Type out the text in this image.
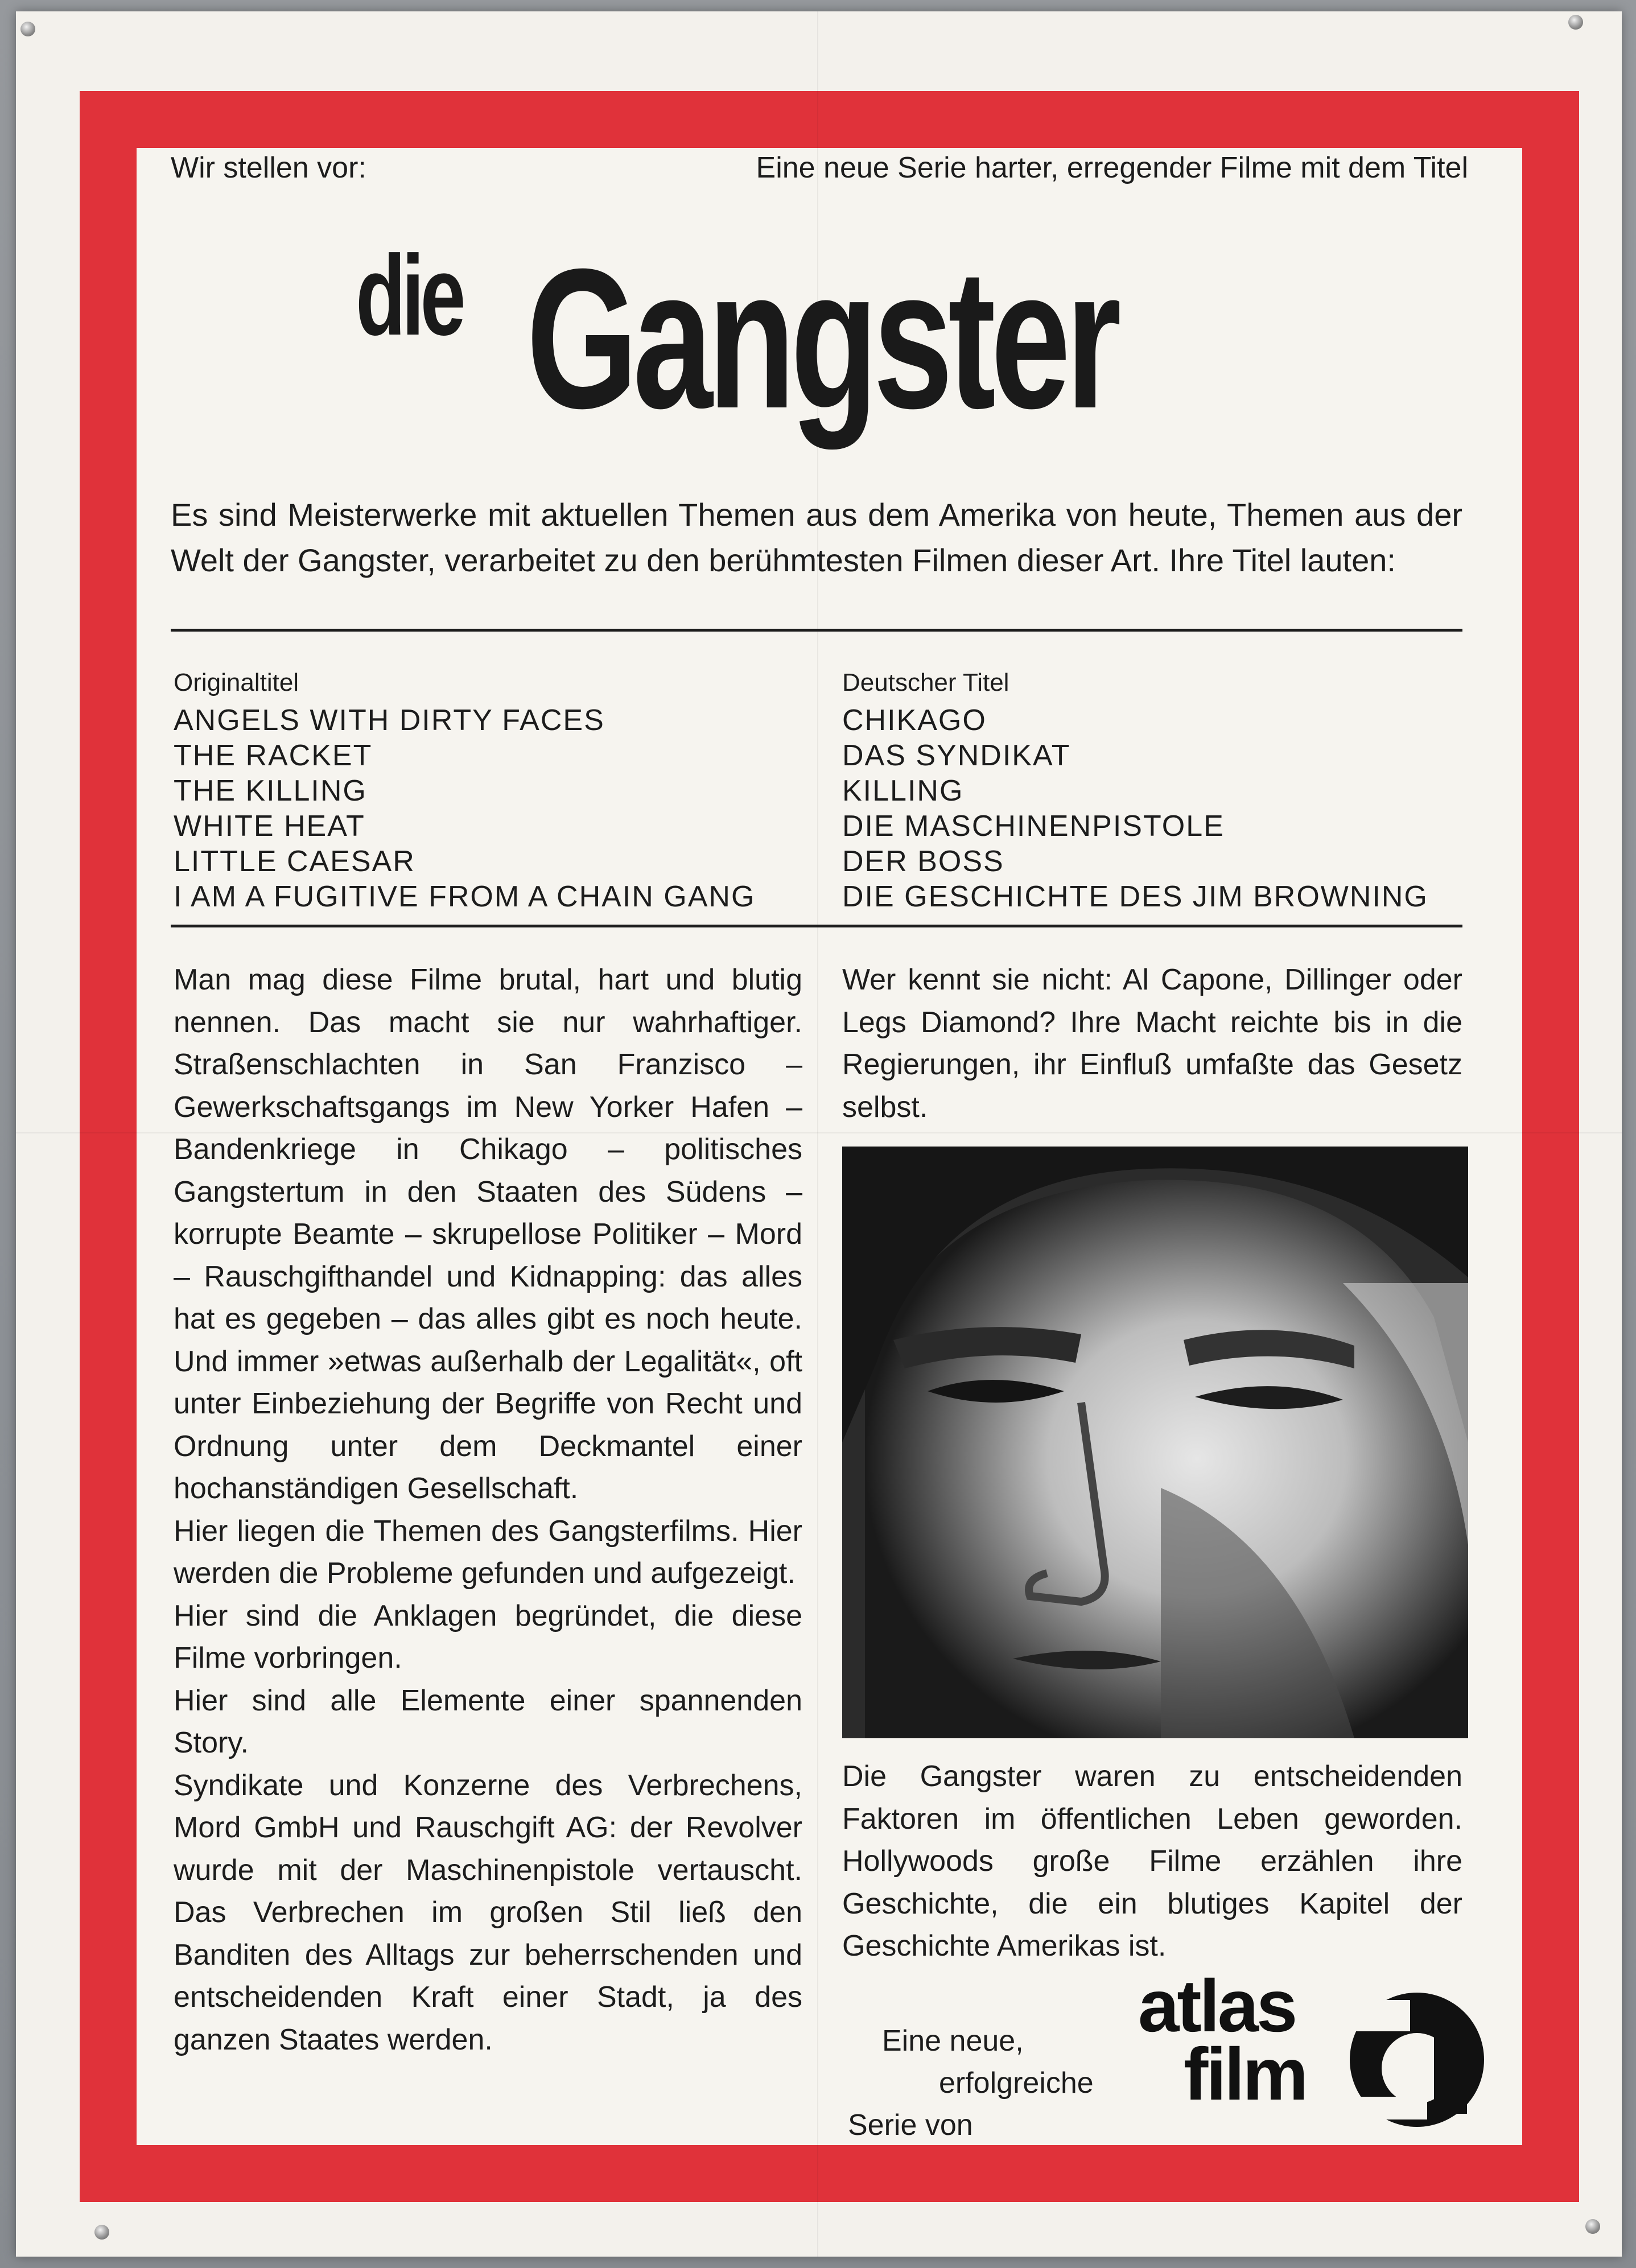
Wir stellen vor:	Eine neue Serie harter, erregender Filme mit dem Titel
die Gangster
Es sind Meisterwerke mit aktuellen Themen aus dem Amerika von heute, Themen aus der Welt der Gangster, verarbeitet zu den berühmtesten Filmen dieser Art. Ihre Titel lauten:
Originaltitel	Deutscher Titel
ANGELS WITH DIRTY FACES
THE RACKET
THE KILLING
WHITE HEAT
LITTLE CAESAR
I AM A FUGITIVE FROM A CHAIN GANG
CHIKAGO
DAS SYNDIKAT
KILLING
DIE MASCHINENPISTOLE
DER BOSS
DIE GESCHICHTE DES JIM BROWNING

Man mag diese Filme brutal, hart und blutig nennen. Das macht sie nur wahrhaftiger. Straßenschlachten in San Franzisco – Gewerkschaftsgangs im New Yorker Hafen – Bandenkriege in Chikago – politisches Gangstertum in den Staaten des Südens – korrupte Beamte – skrupellose Politiker – Mord – Rauschgifthandel und Kidnapping: das alles hat es gegeben – das alles gibt es noch heute. Und immer »etwas außerhalb der Legalität«, oft unter Einbeziehung der Begriffe von Recht und Ordnung unter dem Deckmantel einer hochanständigen Gesellschaft.

Hier liegen die Themen des Gangsterfilms. Hier werden die Probleme gefunden und aufgezeigt.

Hier sind die Anklagen begründet, die diese Filme vorbringen.

Hier sind alle Elemente einer spannenden Story.

Syndikate und Konzerne des Verbrechens, Mord GmbH und Rauschgift AG: der Revolver wurde mit der Maschinenpistole vertauscht. Das Verbrechen im großen Stil ließ den Banditen des Alltags zur beherrschenden und entscheidenden Kraft einer Stadt, ja des ganzen Staates werden.

Wer kennt sie nicht: Al Capone, Dillinger oder Legs Diamond? Ihre Macht reichte bis in die Regierungen, ihr Einfluß umfaßte das Gesetz selbst.
Die Gangster waren zu entscheidenden Faktoren im öffentlichen Leben geworden. Hollywoods große Filme erzählen ihre Geschichte, die ein blutiges Kapitel der Geschichte Amerikas ist.
Eine neue,
erfolgreiche
Serie von
atlas
film
